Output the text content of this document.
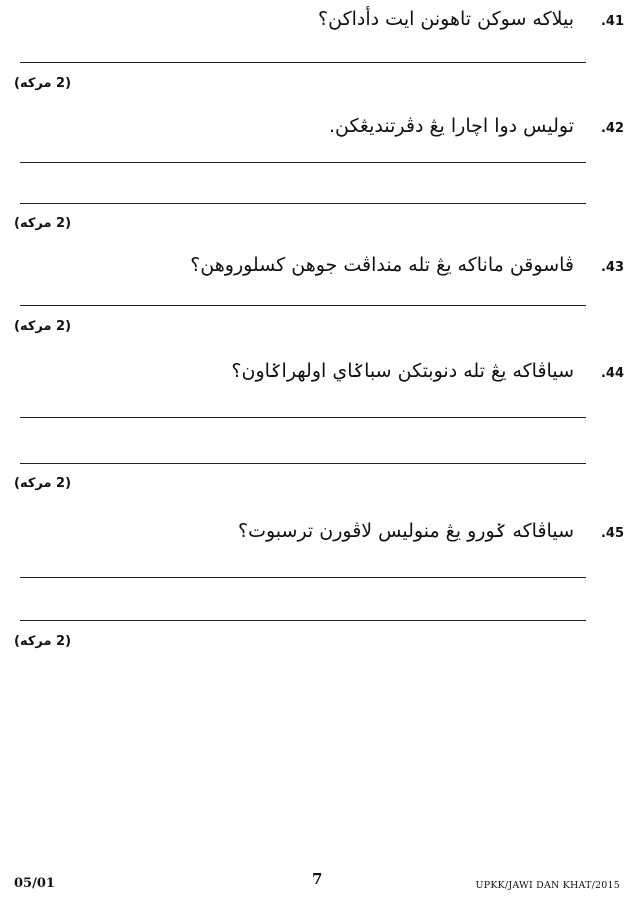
بيلاكه سوكن تاهونن ايت دأداكن؟	.41
(2 مركه)
توليس دوا اچارا يڠ دڤرتنديڠكن.	.42
(2 مركه)
ڤاسوقن ماناكه يڠ تله منداڤت جوهن كسلوروهن؟	.43
(2 مركه)
سياڤاكه يڠ تله دنوبتكن سباݢاي اولهراݢاون؟	.44
(2 مركه)
سياڤاكه ݢورو يڠ منوليس لاڤورن ترسبوت؟	.45
(2 مركه)
05/01	7	UPKK/JAWI DAN KHAT/2015
